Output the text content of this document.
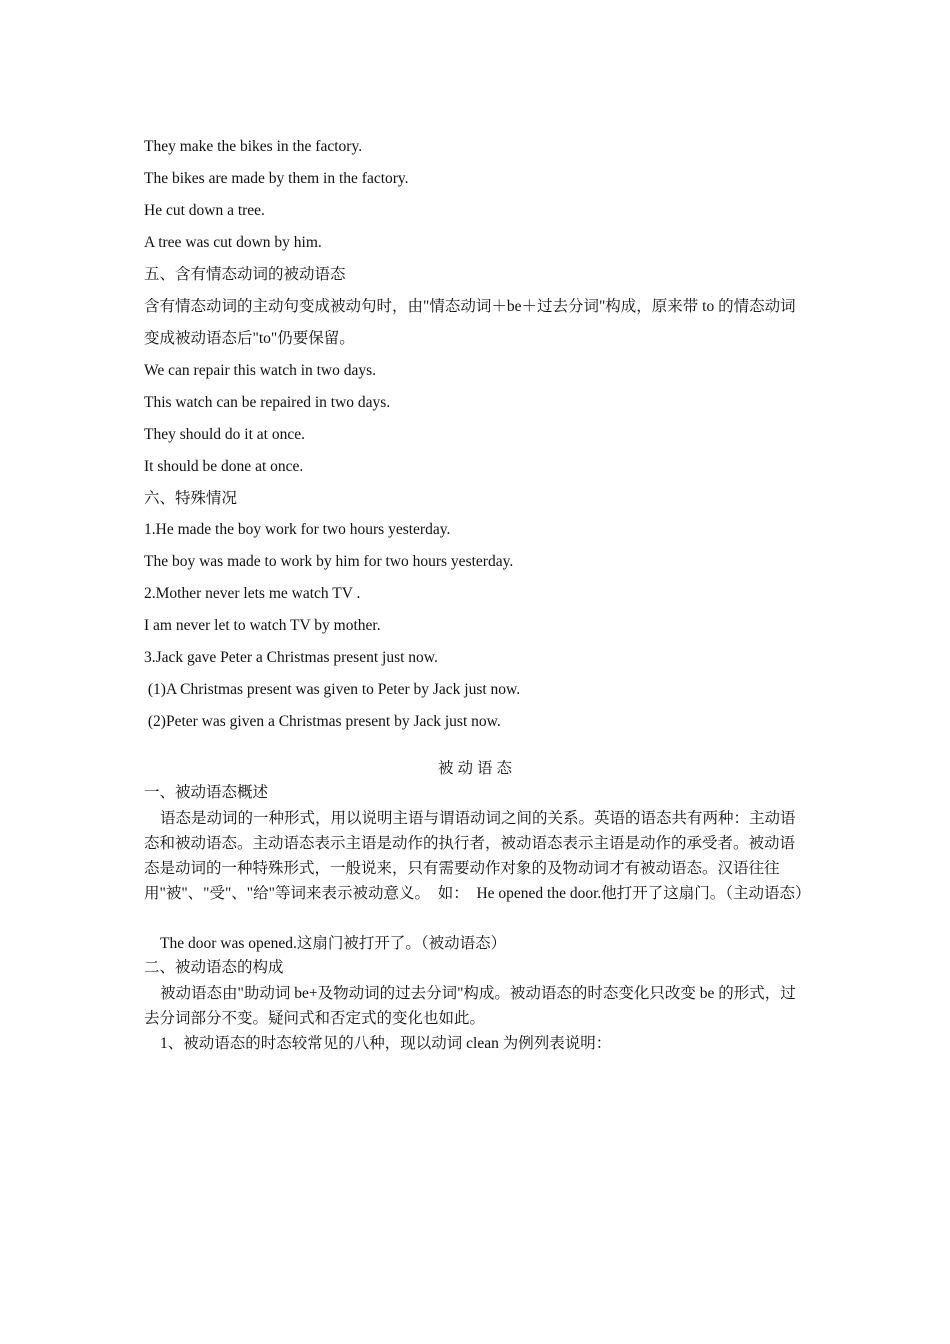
They make the bikes in the factory.
The bikes are made by them in the factory.
He cut down a tree.
A tree was cut down by him.
五、含有情态动词的被动语态
含有情态动词的主动句变成被动句时，由"情态动词＋be＋过去分词"构成，原来带 to 的情态动词变成被动语态后"to"仍要保留。
We can repair this watch in two days.
This watch can be repaired in two days.
They should do it at once.
It should be done at once.
六、特殊情况
1.He made the boy work for two hours yesterday.
The boy was made to work by him for two hours yesterday.
2.Mother never lets me watch TV .
I am never let to watch TV by mother.
3.Jack gave Peter a Christmas present just now.
(1)A Christmas present was given to Peter by Jack just now.
(2)Peter was given a Christmas present by Jack just now.
被动语态
一、被动语态概述
语态是动词的一种形式，用以说明主语与谓语动词之间的关系。英语的语态共有两种：主动语态和被动语态。主动语态表示主语是动作的执行者，被动语态表示主语是动作的承受者。被动语态是动词的一种特殊形式，一般说来，只有需要动作对象的及物动词才有被动语态。汉语往往用"被"、"受"、"给"等词来表示被动意义。　如：　He opened the door.他打开了这扇门。（主动语态）
The door was opened.这扇门被打开了。（被动语态）
二、被动语态的构成
被动语态由"助动词 be+及物动词的过去分词"构成。被动语态的时态变化只改变 be 的形式，过去分词部分不变。疑问式和否定式的变化也如此。
1、被动语态的时态较常见的八种，现以动词 clean 为例列表说明：
